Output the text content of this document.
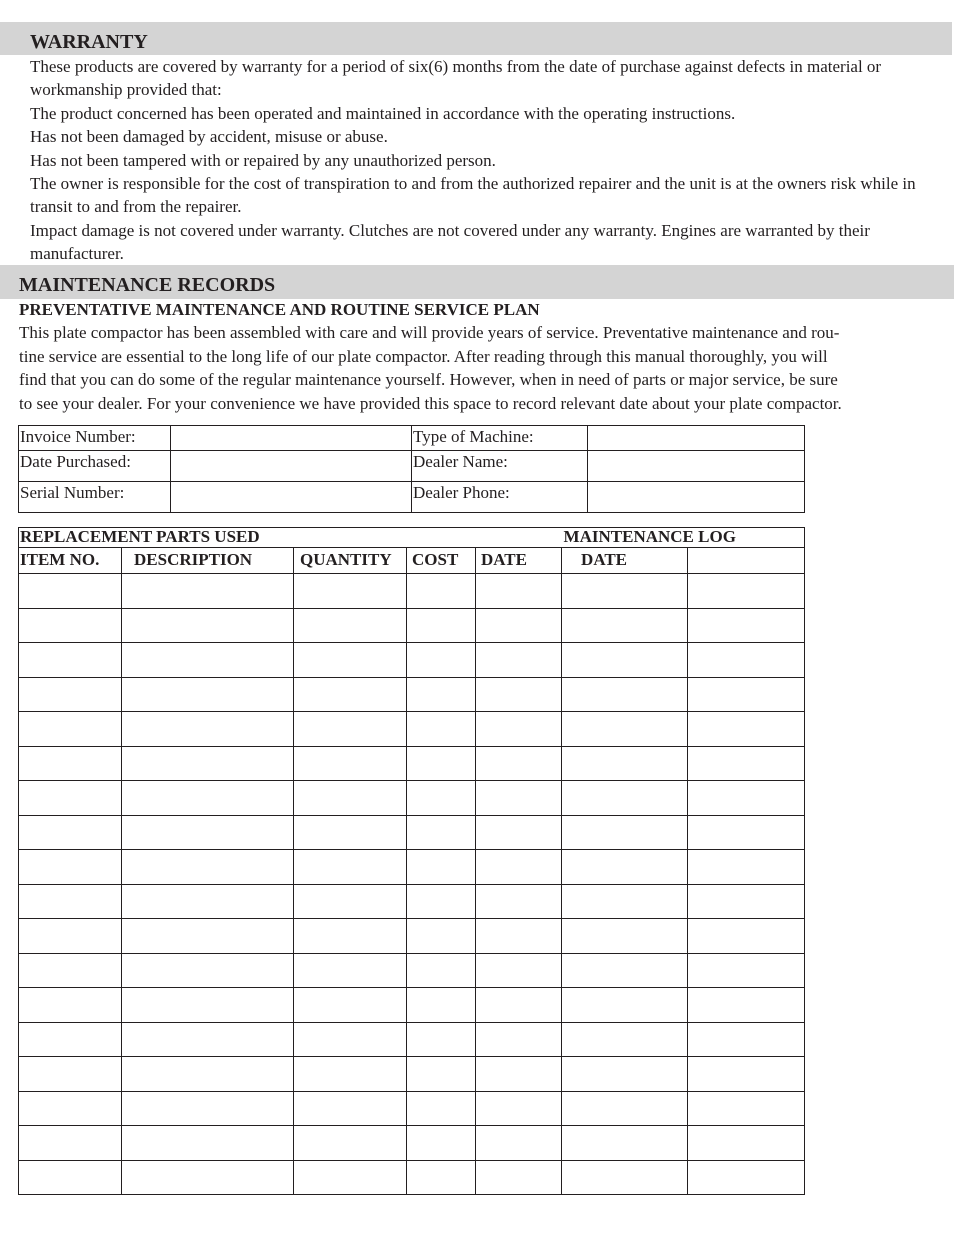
WARRANTY

These products are covered by warranty for a period of six(6) months from the date of purchase against defects in material or workmanship provided that:

The product concerned has been operated and maintained in accordance with the operating instructions.

Has not been damaged by accident, misuse or abuse.

Has not been tampered with or repaired by any unauthorized person.

The owner is responsible for the cost of transpiration to and from the authorized repairer and the unit is at the owners risk while in transit to and from the repairer.

Impact damage is not covered under warranty. Clutches are not covered under any warranty. Engines are warranted by their manufacturer.

MAINTENANCE RECORDS

PREVENTATIVE MAINTENANCE AND ROUTINE SERVICE PLAN

This plate compactor has been assembled with care and will provide years of service. Preventative maintenance and rou-
tine service are essential to the long life of our plate compactor. After reading through this manual thoroughly, you will
find that you can do some of the regular maintenance yourself. However, when in need of parts or major service, be sure
to see your dealer. For your convenience we have provided this space to record relevant date about your plate compactor.

Invoice Number:		Type of Machine:	
Date Purchased:		Dealer Name:	
Serial Number:		Dealer Phone:	
REPLACEMENT PARTS USED					MAINTENANCE LOG	
ITEM NO.	DESCRIPTION	QUANTITY	COST	DATE	DATE	
